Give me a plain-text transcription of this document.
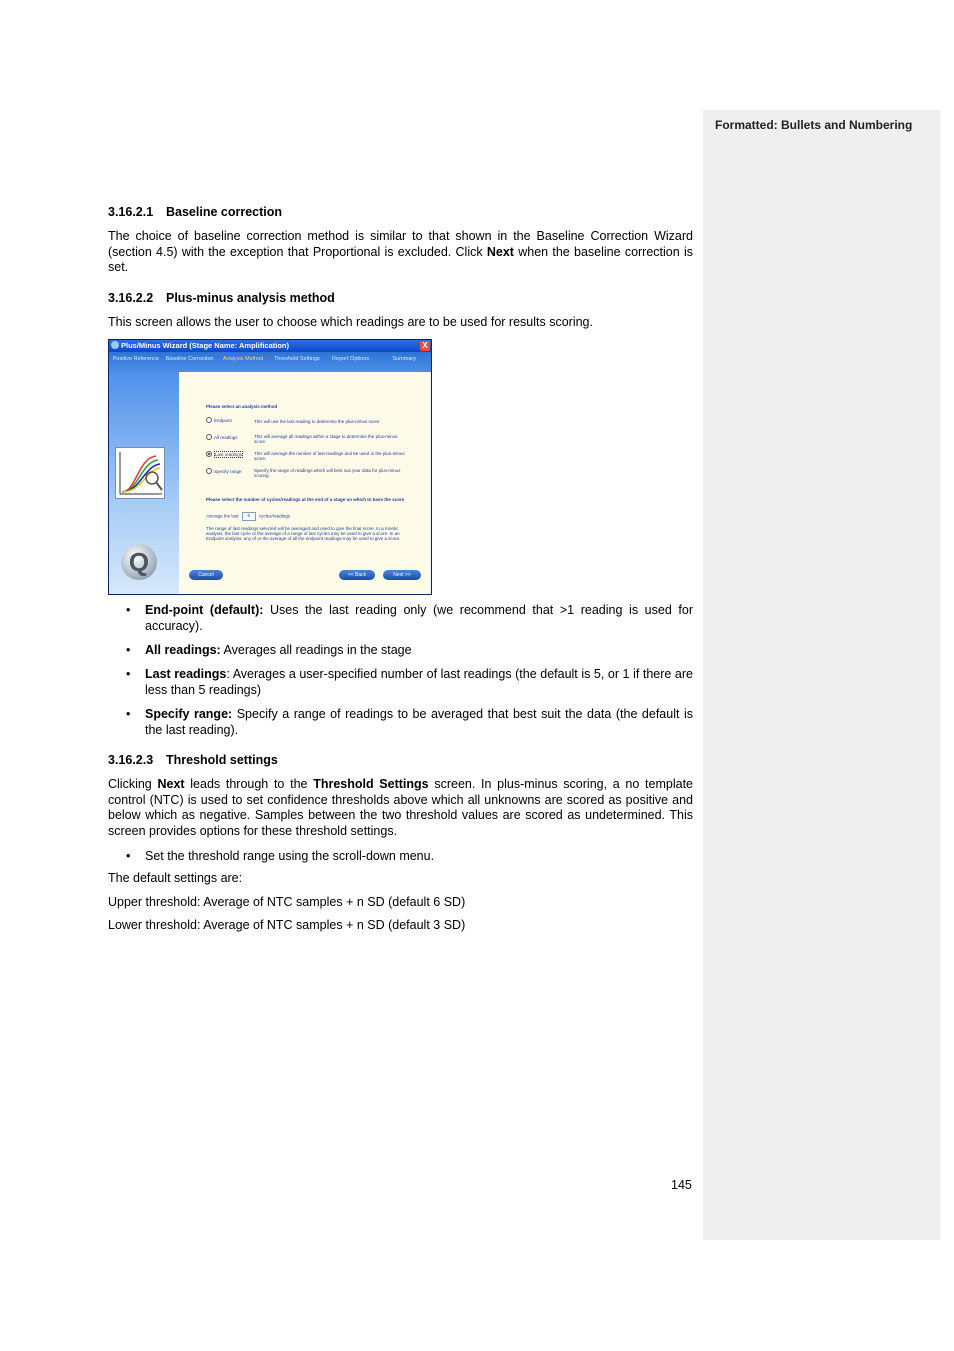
Formatted: Bullets and Numbering
3.16.2.1 Baseline correction
The choice of baseline correction method is similar to that shown in the Baseline Correction Wizard (section 4.5) with the exception that Proportional is excluded. Click Next when the baseline correction is set.
3.16.2.2 Plus-minus analysis method
This screen allows the user to choose which readings are to be used for results scoring.
• End-point (default): Uses the last reading only (we recommend that >1 reading is used for accuracy).
• All readings: Averages all readings in the stage
• Last readings: Averages a user-specified number of last readings (the default is 5, or 1 if there are less than 5 readings)
• Specify range: Specify a range of readings to be averaged that best suit the data (the default is the last reading).
3.16.2.3 Threshold settings
Clicking Next leads through to the Threshold Settings screen. In plus-minus scoring, a no template control (NTC) is used to set confidence thresholds above which all unknowns are scored as positive and below which as negative. Samples between the two threshold values are scored as undetermined. This screen provides options for these threshold settings.
• Set the threshold range using the scroll-down menu.
The default settings are:
Upper threshold: Average of NTC samples + n SD (default 6 SD)
Lower threshold: Average of NTC samples + n SD (default 3 SD)
Plus/Minus Wizard (Stage Name: Amplification)	X
Positive Reference	Baseline Correction	Analysis Method	Threshold Settings	Report Options	Summary
Q
Please select an analysis method
Endpoint	This will use the last reading to determine the plus-minus score.
All readings	This will average all readings within a stage to determine the plus-minus score.
Last readings	This will average the number of last readings and be used in the plus-minus score.
Specify range	Specify the range of readings which will best suit your data for plus-minus scoring.
Please select the number of cycles/readings at the end of a stage on which to base the score
Average the last 5 cycles/readings
The range of last readings selected will be averaged and used to give the final score. In a Kinetic analysis, the last cycle or the average of a range of last cycles may be used to give a score. In an Endpoint analysis, any of or the average of all the endpoint readings may be used to give a score.
Cancel	<< Back	Next >>
145
